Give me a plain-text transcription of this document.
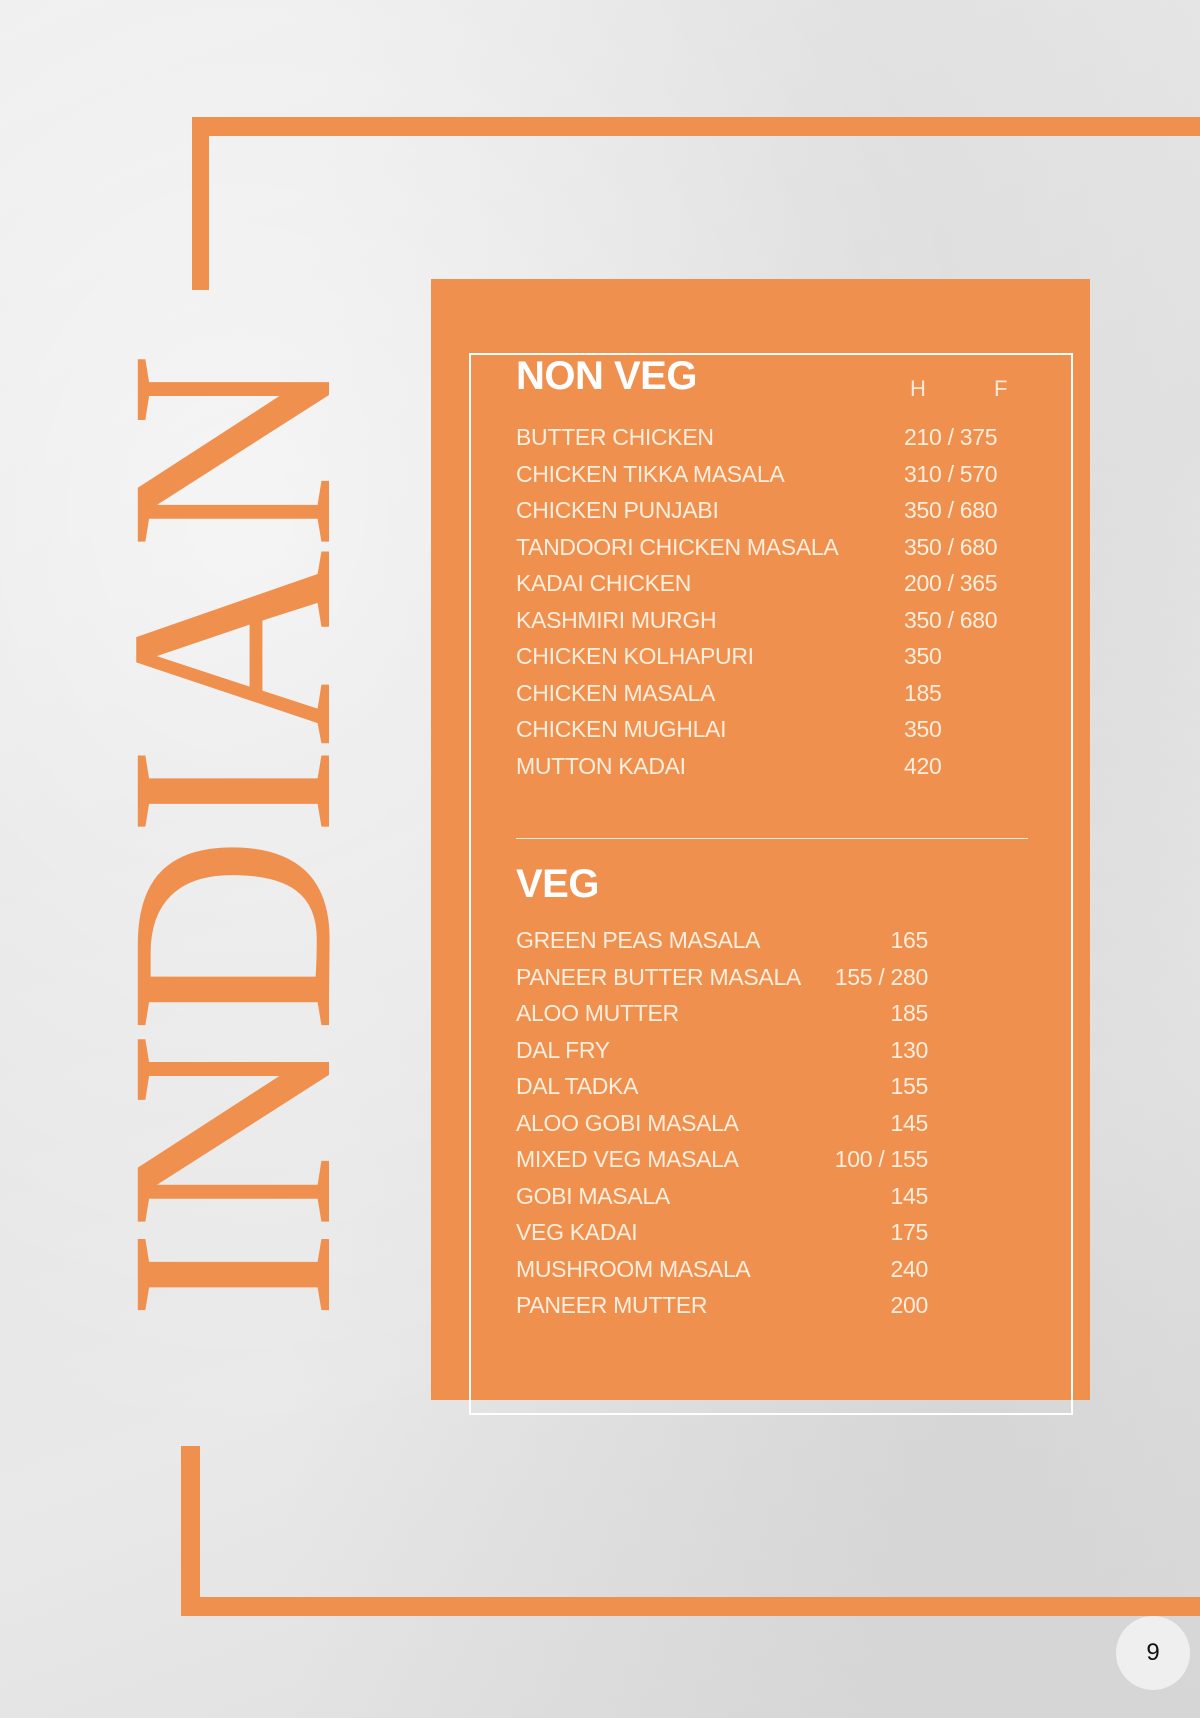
INDIAN	NON VEG	H	F
BUTTER CHICKEN	210 / 375
CHICKEN TIKKA MASALA	310 / 570
CHICKEN PUNJABI	350 / 680
TANDOORI CHICKEN MASALA	350 / 680
KADAI CHICKEN	200 / 365
KASHMIRI MURGH	350 / 680
CHICKEN KOLHAPURI	350
CHICKEN MASALA	185
CHICKEN MUGHLAI	350
MUTTON KADAI	420
VEG
GREEN PEAS MASALA	165
PANEER BUTTER MASALA 155 / 280
ALOO MUTTER	185
DAL FRY	130
DAL TADKA	155
ALOO GOBI MASALA	145
MIXED VEG MASALA	100 / 155
GOBI MASALA	145
VEG KADAI	175
MUSHROOM MASALA	240
PANEER MUTTER	200
9
